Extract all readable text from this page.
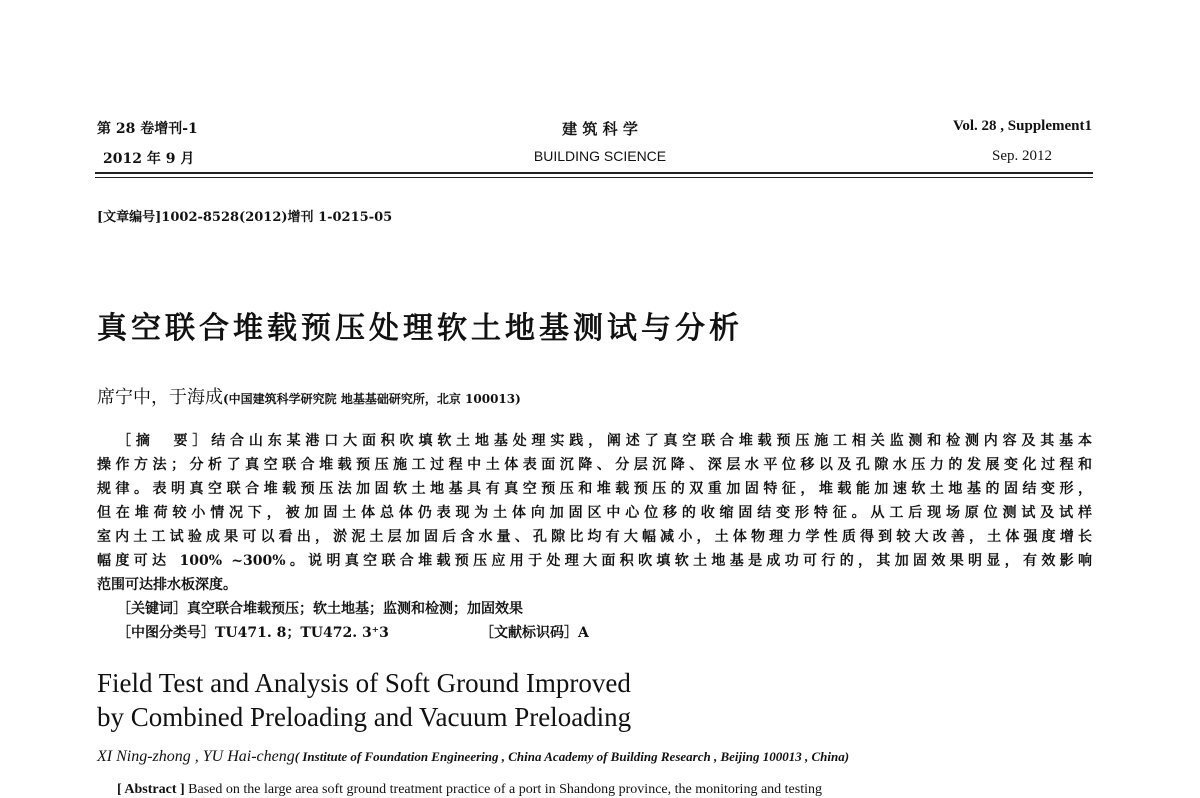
第 28 卷增刊-1	建 筑 科 学	Vol. 28 , Supplement1
2012 年 9 月	BUILDING SCIENCE	Sep. 2012
[文章编号]1002-8528(2012)增刊 1-0215-05
真空联合堆载预压处理软土地基测试与分析
席宁中，于海成(中国建筑科学研究院 地基基础研究所，北京 100013)
［摘　要］结合山东某港口大面积吹填软土地基处理实践，阐述了真空联合堆载预压施工相关监测和检测内容及其基本
操作方法；分析了真空联合堆载预压施工过程中土体表面沉降、分层沉降、深层水平位移以及孔隙水压力的发展变化过程和
规律。表明真空联合堆载预压法加固软土地基具有真空预压和堆载预压的双重加固特征，堆载能加速软土地基的固结变形，
但在堆荷较小情况下，被加固土体总体仍表现为土体向加固区中心位移的收缩固结变形特征。从工后现场原位测试及试样
室内土工试验成果可以看出，淤泥土层加固后含水量、孔隙比均有大幅减小，土体物理力学性质得到较大改善，土体强度增长
幅度可达 100% ~300%。说明真空联合堆载预压应用于处理大面积吹填软土地基是成功可行的，其加固效果明显，有效影响
范围可达排水板深度。
［关键词］真空联合堆载预压；软土地基；监测和检测；加固效果
［中图分类号］TU471. 8；TU472. 3⁺3	［文献标识码］A
Field Test and Analysis of Soft Ground Improved
by Combined Preloading and Vacuum Preloading
XI Ning-zhong , YU Hai-cheng( Institute of Foundation Engineering , China Academy of Building Research , Beijing 100013 , China)
[ Abstract ] Based on the large area soft ground treatment practice of a port in Shandong province, the monitoring and testing
